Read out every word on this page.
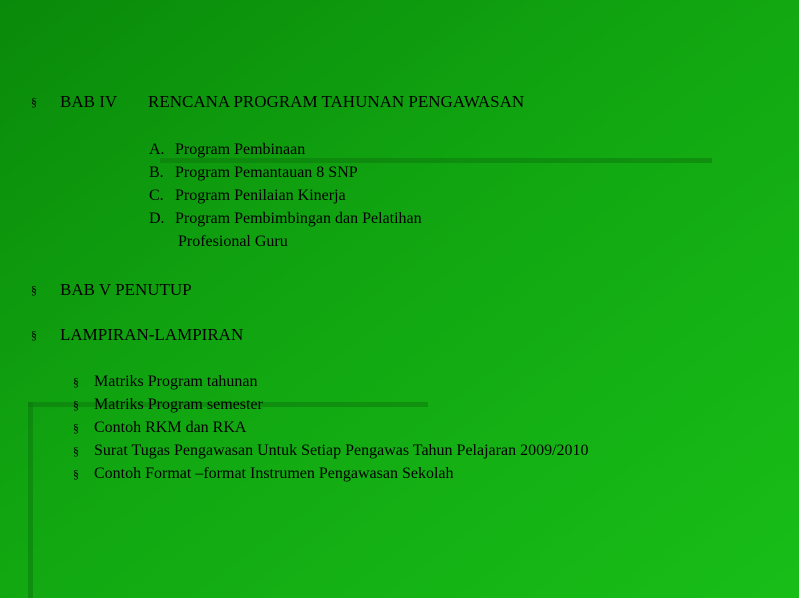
§ BAB IV RENCANA PROGRAM TAHUNAN PENGAWASAN
A. Program Pembinaan
B. Program Pemantauan 8 SNP
C. Program Penilaian Kinerja
D. Program Pembimbingan dan Pelatihan
Profesional Guru
§ BAB V PENUTUP
§ LAMPIRAN-LAMPIRAN
§ Matriks Program tahunan
§ Matriks Program semester
§ Contoh RKM dan RKA
§ Surat Tugas Pengawasan Untuk Setiap Pengawas Tahun Pelajaran 2009/2010
§ Contoh Format –format Instrumen Pengawasan Sekolah
